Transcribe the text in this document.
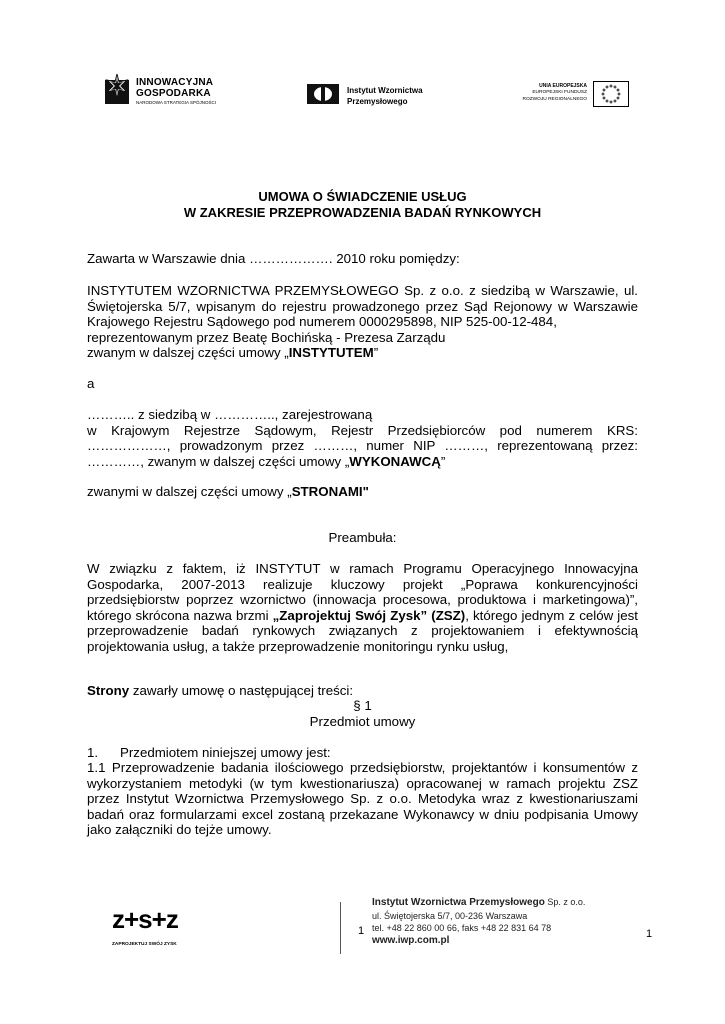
INNOWACYJNA
GOSPODARKA
NARODOWA STRATEGIA SPÓJNOŚCI
Instytut Wzornictwa
Przemysłowego
UNIA EUROPEJSKA
EUROPEJSKI FUNDUSZ
ROZWOJU REGIONALNEGO
UMOWA O ŚWIADCZENIE USŁUG
W ZAKRESIE PRZEPROWADZENIA BADAŃ RYNKOWYCH
Zawarta w Warszawie dnia ………………. 2010 roku pomiędzy:
INSTYTUTEM WZORNICTWA PRZEMYSŁOWEGO Sp. z o.o. z siedzibą w Warszawie, ul.
Świętojerska 5/7, wpisanym do rejestru prowadzonego przez Sąd Rejonowy w Warszawie
Krajowego Rejestru Sądowego pod numerem 0000295898, NIP 525-00-12-484,
reprezentowanym przez Beatę Bochińską - Prezesa Zarządu
zwanym w dalszej części umowy „INSTYTUTEM”
a
……….. z siedzibą w ………….., zarejestrowaną
w Krajowym Rejestrze Sądowym, Rejestr Przedsiębiorców pod numerem KRS:
………………, prowadzonym przez ………, numer NIP ………, reprezentowaną przez:
…………, zwanym w dalszej części umowy „WYKONAWCĄ”
zwanymi w dalszej części umowy „STRONAMI"
Preambuła:
W związku z faktem, iż INSTYTUT w ramach Programu Operacyjnego Innowacyjna
Gospodarka, 2007-2013 realizuje kluczowy projekt „Poprawa konkurencyjności
przedsiębiorstw poprzez wzornictwo (innowacja procesowa, produktowa i marketingowa)”,
którego skrócona nazwa brzmi „Zaprojektuj Swój Zysk” (ZSZ), którego jednym z celów jest
przeprowadzenie badań rynkowych związanych z projektowaniem i efektywnością
projektowania usług, a także przeprowadzenie monitoringu rynku usług,
Strony zawarły umowę o następującej treści:
§ 1
Przedmiot umowy
1. Przedmiotem niniejszej umowy jest:
1.1 Przeprowadzenie badania ilościowego przedsiębiorstw, projektantów i konsumentów z
wykorzystaniem metodyki (w tym kwestionariusza) opracowanej w ramach projektu ZSZ
przez Instytut Wzornictwa Przemysłowego Sp. z o.o. Metodyka wraz z kwestionariuszami
badań oraz formularzami excel zostaną przekazane Wykonawcy w dniu podpisania Umowy
jako załączniki do tejże umowy.
z+s+z
ZAPROJEKTUJ SWÓJ ZYSK
Instytut Wzornictwa Przemysłowego Sp. z o.o.
ul. Świętojerska 5/7, 00-236 Warszawa
tel. +48 22 860 00 66, faks +48 22 831 64 78
www.iwp.com.pl
1	1
